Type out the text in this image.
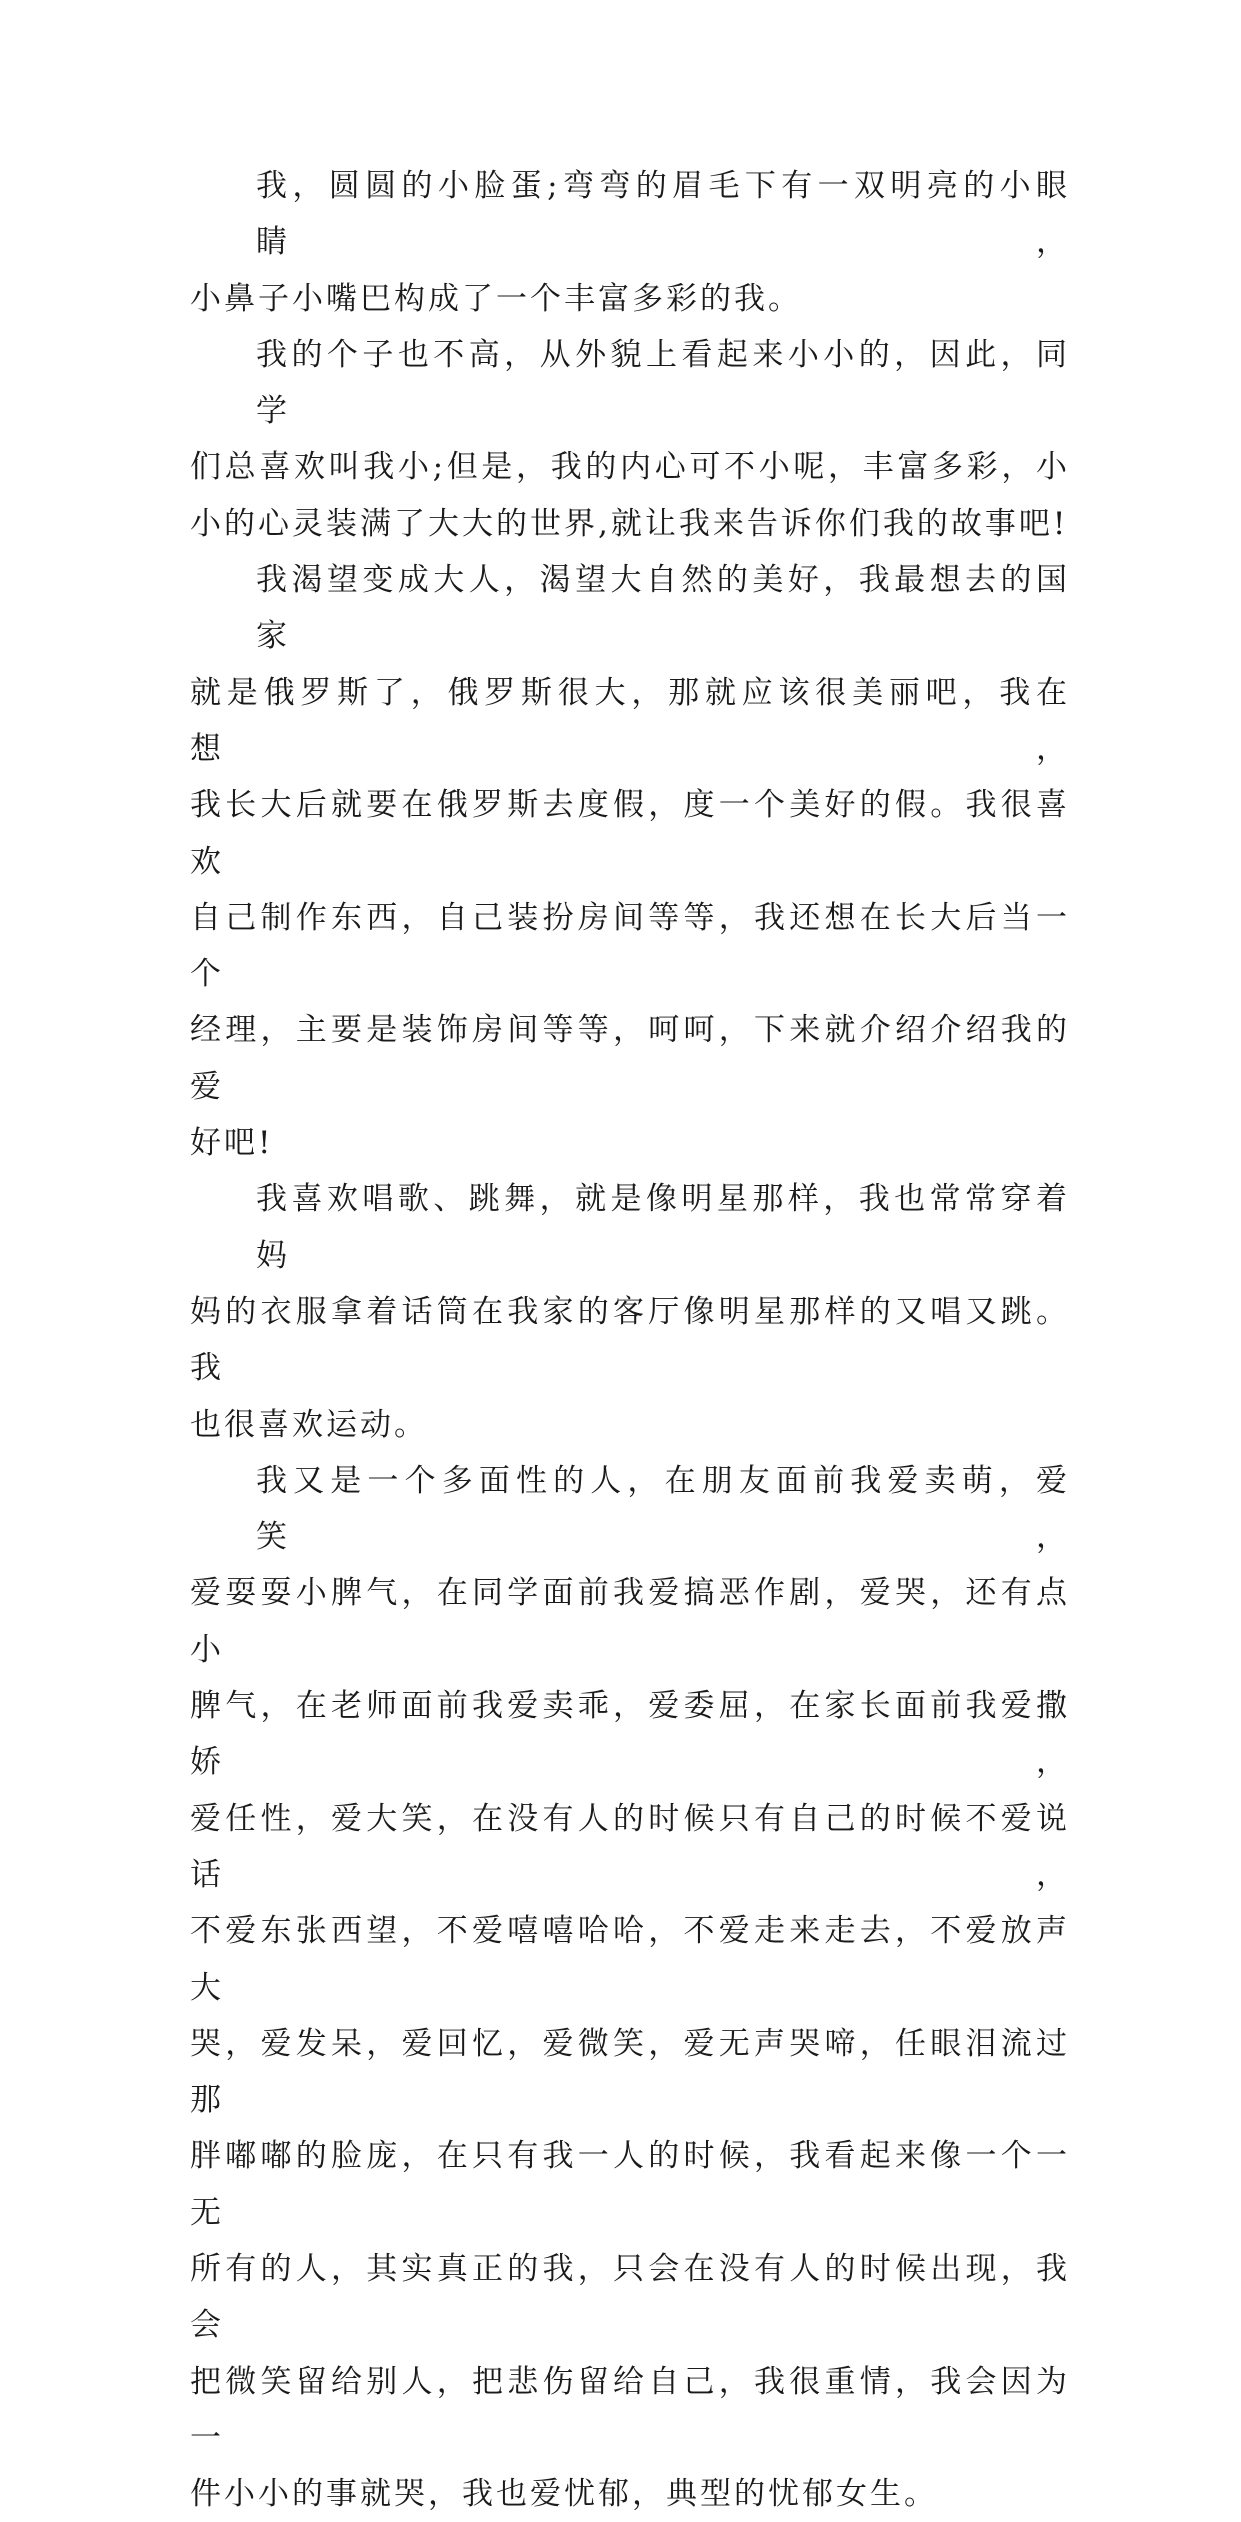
我，圆圆的小脸蛋;弯弯的眉毛下有一双明亮的小眼睛，
小鼻子小嘴巴构成了一个丰富多彩的我。

我的个子也不高，从外貌上看起来小小的，因此，同学
们总喜欢叫我小;但是，我的内心可不小呢，丰富多彩，小
小的心灵装满了大大的世界,就让我来告诉你们我的故事吧!

我渴望变成大人，渴望大自然的美好，我最想去的国家
就是俄罗斯了，俄罗斯很大，那就应该很美丽吧，我在想，
我长大后就要在俄罗斯去度假，度一个美好的假。我很喜欢
自己制作东西，自己装扮房间等等，我还想在长大后当一个
经理，主要是装饰房间等等，呵呵，下来就介绍介绍我的爱
好吧!

我喜欢唱歌、跳舞，就是像明星那样，我也常常穿着妈
妈的衣服拿着话筒在我家的客厅像明星那样的又唱又跳。我
也很喜欢运动。

我又是一个多面性的人，在朋友面前我爱卖萌，爱笑，
爱耍耍小脾气，在同学面前我爱搞恶作剧，爱哭，还有点小
脾气，在老师面前我爱卖乖，爱委屈，在家长面前我爱撒娇，
爱任性，爱大笑，在没有人的时候只有自己的时候不爱说话，
不爱东张西望，不爱嘻嘻哈哈，不爱走来走去，不爱放声大
哭，爱发呆，爱回忆，爱微笑，爱无声哭啼，任眼泪流过那
胖嘟嘟的脸庞，在只有我一人的时候，我看起来像一个一无
所有的人，其实真正的我，只会在没有人的时候出现，我会
把微笑留给别人，把悲伤留给自己，我很重情，我会因为一
件小小的事就哭，我也爱忧郁，典型的忧郁女生。
